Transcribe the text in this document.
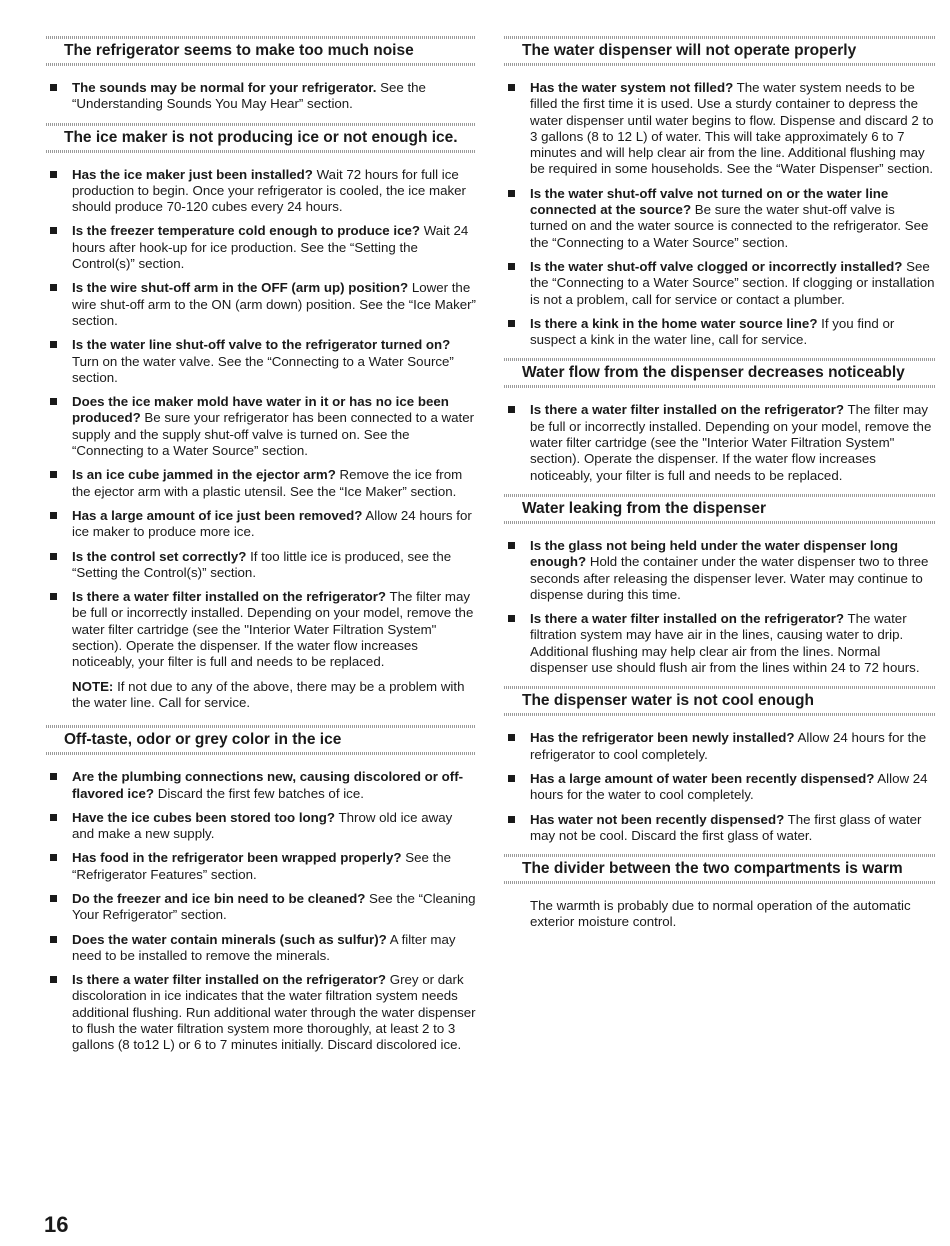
The refrigerator seems to make too much noise
The sounds may be normal for your refrigerator. See the “Understanding Sounds You May Hear” section.
The ice maker is not producing ice or not enough ice.
Has the ice maker just been installed? Wait 72 hours for full ice production to begin. Once your refrigerator is cooled, the ice maker should produce 70-120 cubes every 24 hours.
Is the freezer temperature cold enough to produce ice? Wait 24 hours after hook-up for ice production. See the “Setting the Control(s)” section.
Is the wire shut-off arm in the OFF (arm up) position? Lower the wire shut-off arm to the ON (arm down) position. See the “Ice Maker” section.
Is the water line shut-off valve to the refrigerator turned on? Turn on the water valve. See the “Connecting to a Water Source” section.
Does the ice maker mold have water in it or has no ice been produced? Be sure your refrigerator has been connected to a water supply and the supply shut-off valve is turned on. See the “Connecting to a Water Source” section.
Is an ice cube jammed in the ejector arm? Remove the ice from the ejector arm with a plastic utensil. See the “Ice Maker” section.
Has a large amount of ice just been removed? Allow 24 hours for ice maker to produce more ice.
Is the control set correctly? If too little ice is produced, see the “Setting the Control(s)” section.
Is there a water filter installed on the refrigerator? The filter may be full or incorrectly installed. Depending on your model, remove the water filter cartridge (see the "Interior Water Filtration System" section). Operate the dispenser. If the water flow increases noticeably, your filter is full and needs to be replaced.
NOTE: If not due to any of the above, there may be a problem with the water line. Call for service.
Off-taste, odor or grey color in the ice
Are the plumbing connections new, causing discolored or off-flavored ice? Discard the first few batches of ice.
Have the ice cubes been stored too long? Throw old ice away and make a new supply.
Has food in the refrigerator been wrapped properly? See the “Refrigerator Features” section.
Do the freezer and ice bin need to be cleaned? See the “Cleaning Your Refrigerator” section.
Does the water contain minerals (such as sulfur)? A filter may need to be installed to remove the minerals.
Is there a water filter installed on the refrigerator? Grey or dark discoloration in ice indicates that the water filtration system needs additional flushing. Run additional water through the water dispenser to flush the water filtration system more thoroughly, at least 2 to 3 gallons (8 to12 L) or 6 to 7 minutes initially. Discard discolored ice.
The water dispenser will not operate properly
Has the water system not filled? The water system needs to be filled the first time it is used. Use a sturdy container to depress the water dispenser until water begins to flow. Dispense and discard 2 to 3 gallons (8 to 12 L) of water. This will take approximately 6 to 7 minutes and will help clear air from the line. Additional flushing may be required in some households. See the “Water Dispenser” section.
Is the water shut-off valve not turned on or the water line connected at the source? Be sure the water shut-off valve is turned on and the water source is connected to the refrigerator. See the “Connecting to a Water Source” section.
Is the water shut-off valve clogged or incorrectly installed? See the “Connecting to a Water Source” section. If clogging or installation is not a problem, call for service or contact a plumber.
Is there a kink in the home water source line? If you find or suspect a kink in the water line, call for service.
Water flow from the dispenser decreases noticeably
Is there a water filter installed on the refrigerator? The filter may be full or incorrectly installed. Depending on your model, remove the water filter cartridge (see the "Interior Water Filtration System" section). Operate the dispenser. If the water flow increases noticeably, your filter is full and needs to be replaced.
Water leaking from the dispenser
Is the glass not being held under the water dispenser long enough? Hold the container under the water dispenser two to three seconds after releasing the dispenser lever. Water may continue to dispense during this time.
Is there a water filter installed on the refrigerator? The water filtration system may have air in the lines, causing water to drip. Additional flushing may help clear air from the lines. Normal dispenser use should flush air from the lines within 24 to 72 hours.
The dispenser water is not cool enough
Has the refrigerator been newly installed? Allow 24 hours for the refrigerator to cool completely.
Has a large amount of water been recently dispensed? Allow 24 hours for the water to cool completely.
Has water not been recently dispensed? The first glass of water may not be cool. Discard the first glass of water.
The divider between the two compartments is warm
The warmth is probably due to normal operation of the automatic exterior moisture control.
16
